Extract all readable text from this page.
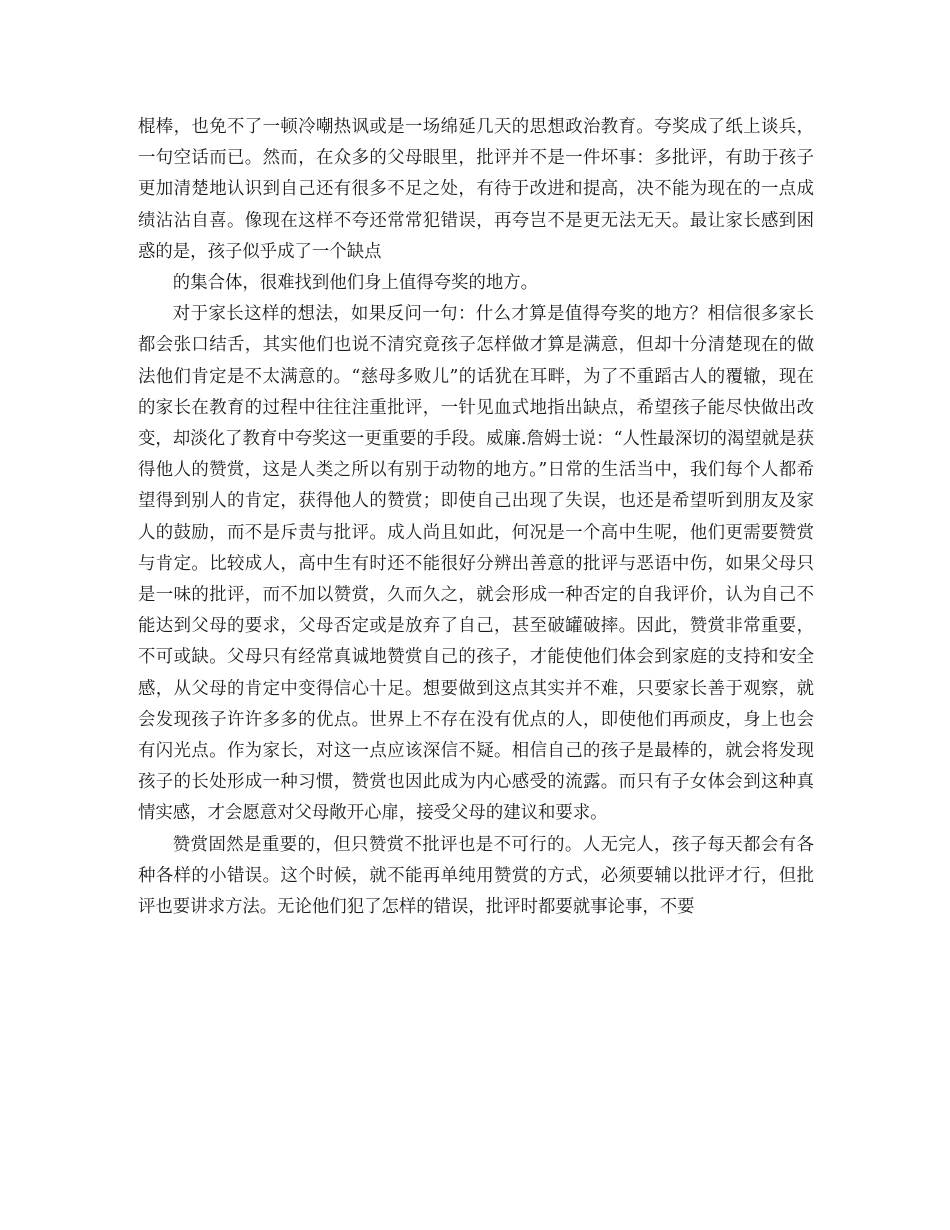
棍棒，也免不了一顿冷嘲热讽或是一场绵延几天的思想政治教育。夸奖成了纸上谈兵，一句空话而已。然而，在众多的父母眼里，批评并不是一件坏事：多批评，有助于孩子更加清楚地认识到自己还有很多不足之处，有待于改进和提高，决不能为现在的一点成绩沾沾自喜。像现在这样不夸还常常犯错误，再夸岂不是更无法无天。最让家长感到困惑的是，孩子似乎成了一个缺点

的集合体，很难找到他们身上值得夸奖的地方。

对于家长这样的想法，如果反问一句：什么才算是值得夸奖的地方？相信很多家长都会张口结舌，其实他们也说不清究竟孩子怎样做才算是满意，但却十分清楚现在的做法他们肯定是不太满意的。“慈母多败儿”的话犹在耳畔，为了不重蹈古人的覆辙，现在的家长在教育的过程中往往注重批评，一针见血式地指出缺点，希望孩子能尽快做出改变，却淡化了教育中夸奖这一更重要的手段。威廉.詹姆士说：“人性最深切的渴望就是获得他人的赞赏，这是人类之所以有别于动物的地方。”日常的生活当中，我们每个人都希望得到别人的肯定，获得他人的赞赏；即使自己出现了失误，也还是希望听到朋友及家人的鼓励，而不是斥责与批评。成人尚且如此，何况是一个高中生呢，他们更需要赞赏与肯定。比较成人，高中生有时还不能很好分辨出善意的批评与恶语中伤，如果父母只是一味的批评，而不加以赞赏，久而久之，就会形成一种否定的自我评价，认为自己不能达到父母的要求，父母否定或是放弃了自己，甚至破罐破摔。因此，赞赏非常重要，不可或缺。父母只有经常真诚地赞赏自己的孩子，才能使他们体会到家庭的支持和安全感，从父母的肯定中变得信心十足。想要做到这点其实并不难，只要家长善于观察，就会发现孩子许许多多的优点。世界上不存在没有优点的人，即使他们再顽皮，身上也会有闪光点。作为家长，对这一点应该深信不疑。相信自己的孩子是最棒的，就会将发现孩子的长处形成一种习惯，赞赏也因此成为内心感受的流露。而只有子女体会到这种真情实感，才会愿意对父母敞开心扉，接受父母的建议和要求。

赞赏固然是重要的，但只赞赏不批评也是不可行的。人无完人，孩子每天都会有各种各样的小错误。这个时候，就不能再单纯用赞赏的方式，必须要辅以批评才行，但批评也要讲求方法。无论他们犯了怎样的错误，批评时都要就事论事，不要
